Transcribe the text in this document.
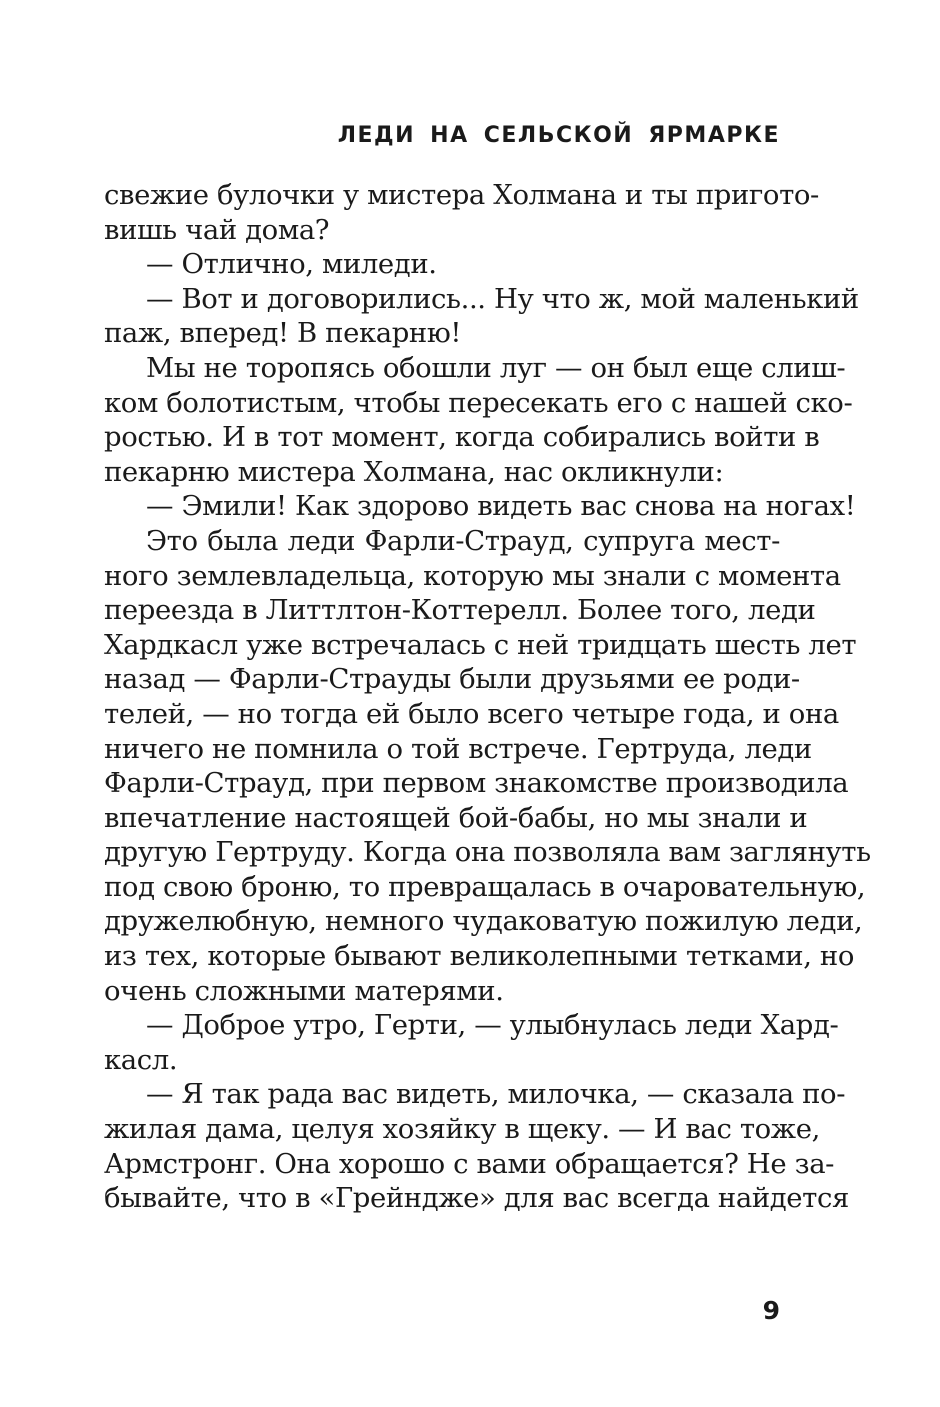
ЛЕДИ НА СЕЛЬСКОЙ ЯРМАРКЕ
свежие булочки у мистера Холмана и ты пригото-
вишь чай дома?
— Отлично, миледи.
— Вот и договорились... Ну что ж, мой маленький
паж, вперед! В пекарню!
Мы не торопясь обошли луг — он был еще слиш-
ком болотистым, чтобы пересекать его с нашей ско-
ростью. И в тот момент, когда собирались войти в
пекарню мистера Холмана, нас окликнули:
— Эмили! Как здорово видеть вас снова на ногах!
Это была леди Фарли-Страуд, супруга мест-
ного землевладельца, которую мы знали с момента
переезда в Литтлтон-Коттерелл. Более того, леди
Хардкасл уже встречалась с ней тридцать шесть лет
назад — Фарли-Страуды были друзьями ее роди-
телей, — но тогда ей было всего четыре года, и она
ничего не помнила о той встрече. Гертруда, леди
Фарли-Страуд, при первом знакомстве производила
впечатление настоящей бой-бабы, но мы знали и
другую Гертруду. Когда она позволяла вам заглянуть
под свою броню, то превращалась в очаровательную,
дружелюбную, немного чудаковатую пожилую леди,
из тех, которые бывают великолепными тетками, но
очень сложными матерями.
— Доброе утро, Герти, — улыбнулась леди Хард-
касл.
— Я так рада вас видеть, милочка, — сказала по-
жилая дама, целуя хозяйку в щеку. — И вас тоже,
Армстронг. Она хорошо с вами обращается? Не за-
бывайте, что в «Грейндже» для вас всегда найдется
9
